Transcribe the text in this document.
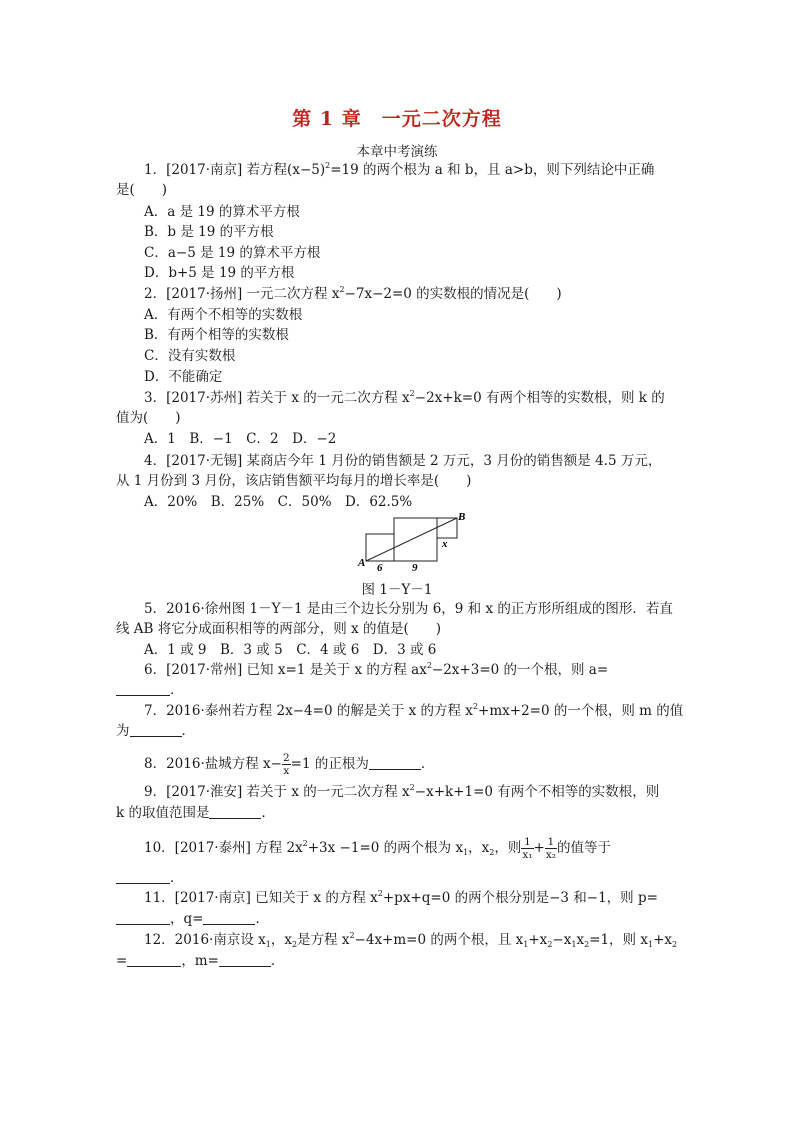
第 1 章　一元二次方程
本章中考演练
1．[2017·南京] 若方程$(x-5)^2=19$ 的两个根为 a 和 b，且 a>b，则下列结论中正确
是(　　)
A．a 是 19 的算术平方根
B．b 是 19 的平方根
C．a−5 是 19 的算术平方根
D．b+5 是 19 的平方根
2．[2017·扬州] 一元二次方程 $x^2-7x-2=0$ 的实数根的情况是(　　)
A．有两个不相等的实数根
B．有两个相等的实数根
C．没有实数根
D．不能确定
3．[2017·苏州] 若关于 x 的一元二次方程 $x^2-2x+k=0$ 有两个相等的实数根，则 k 的
值为(　　)
A．1　B．−1　C．2　D．−2
4．[2017·无锡] 某商店今年 1 月份的销售额是 2 万元，3 月份的销售额是 4.5 万元，
从 1 月份到 3 月份，该店销售额平均每月的增长率是(　　)
A．20%　B．25%　C．50%　D．62.5%
A
B
6	9
x
图 1－Y－1
5．2016·徐州图 1－Y－1 是由三个边长分别为 6，9 和 x 的正方形所组成的图形．若直
线 AB 将它分成面积相等的两部分，则 x 的值是(　　)
A．1 或 9　B．3 或 5　C．4 或 6　D．3 或 6
6．[2017·常州] 已知 x=1 是关于 x 的方程 $ax^2-2x+3=0$ 的一个根，则 a=
．
7．2016·泰州若方程 2x−4=0 的解是关于 x 的方程 $x^2+mx+2=0$ 的一个根，则 m 的值
为	．
8．2016·盐城方程 $x- \frac{2}{x} =1$ 的正根为	．
9．[2017·淮安] 若关于 x 的一元二次方程 $x^2-x+k+1=0$ 有两个不相等的实数根，则
k 的取值范围是	．
10．[2017·泰州] 方程 $2x^2+3x -1=0$ 的两个根为 $x_1$，$x_2$，则 $\frac{1}{\text{x₁}} + \frac{1}{\text{x₂}}$ 的值等于
．
11．[2017·南京] 已知关于 x 的方程 $x^2+px+q=0$ 的两个根分别是−3 和−1，则 p=
，q=	．
12．2016·南京设 $x_1$，$x_2$是方程 $x^2-4x+m=0$ 的两个根，且 $x_1+x_2-x_1x_2=1$，则 $x_1+x_2$
=	，m=	．
